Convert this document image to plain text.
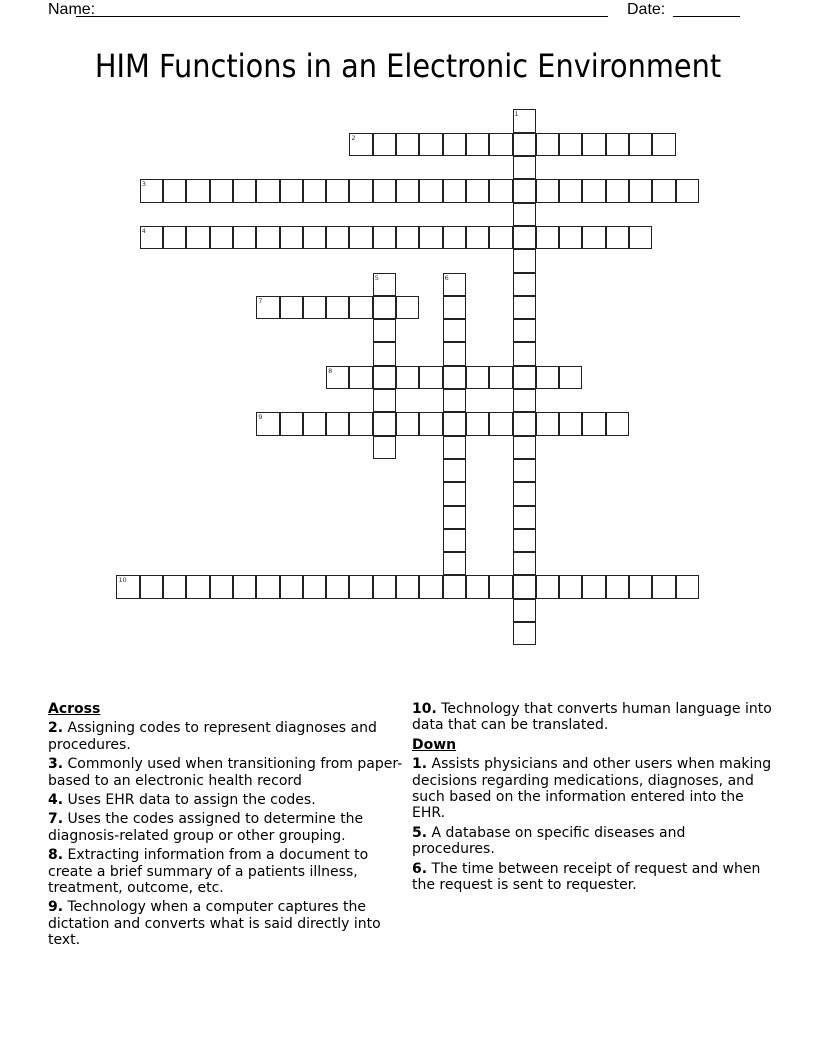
Name:	Date:
HIM Functions in an Electronic Environment
1
2
3
4
5	6
7
8
9
10
Across
2. Assigning codes to represent diagnoses and procedures.
3. Commonly used when transitioning from paper-based to an electronic health record
4. Uses EHR data to assign the codes.
7. Uses the codes assigned to determine the diagnosis-related group or other grouping.
8. Extracting information from a document to create a brief summary of a patients illness, treatment, outcome, etc.
9. Technology when a computer captures the dictation and converts what is said directly into text.
10. Technology that converts human language into data that can be translated.
Down
1. Assists physicians and other users when making decisions regarding medications, diagnoses, and such based on the information entered into the EHR.
5. A database on specific diseases and procedures.
6. The time between receipt of request and when the request is sent to requester.
